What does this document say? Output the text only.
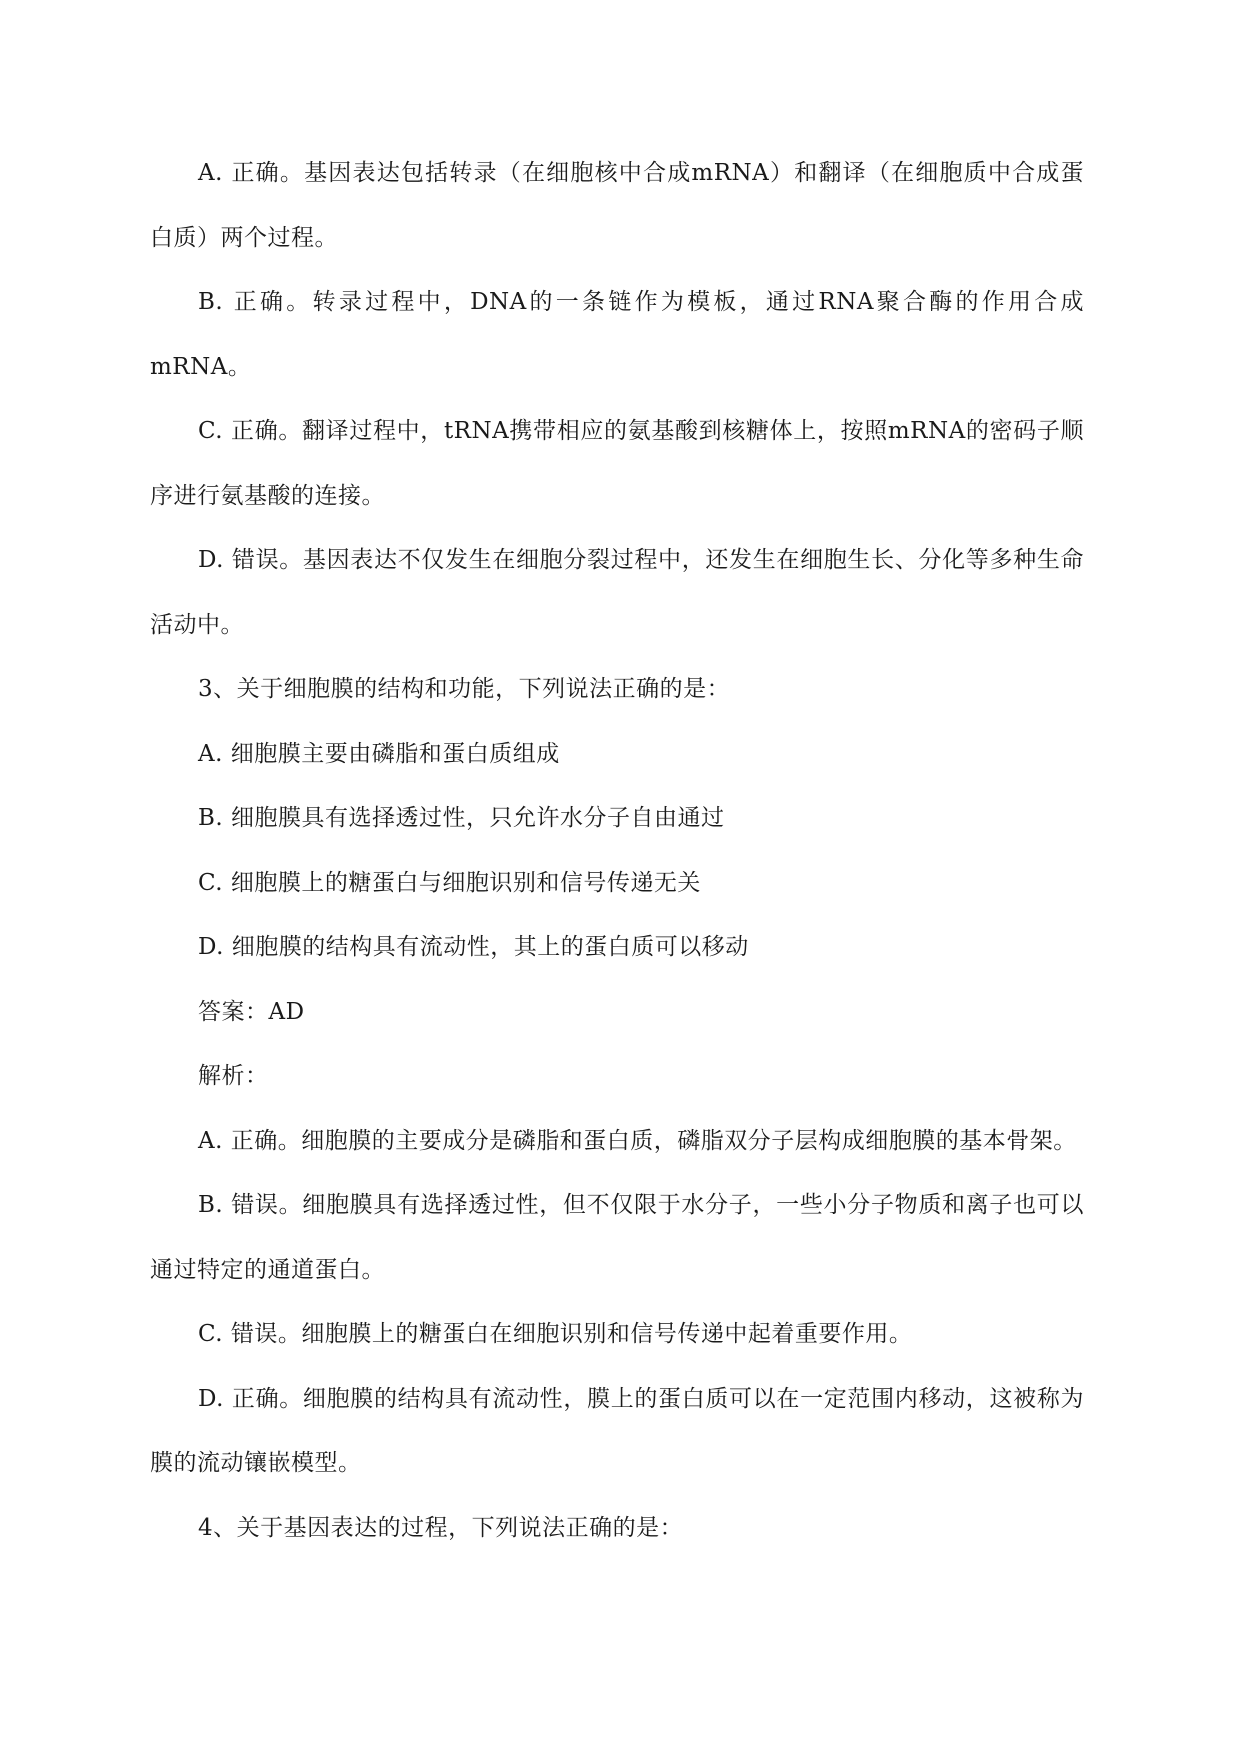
A. 正确。基因表达包括转录（在细胞核中合成mRNA）和翻译（在细胞质中合成蛋白质）两个过程。

B. 正确。转录过程中，DNA的一条链作为模板，通过RNA聚合酶的作用合成mRNA。

C. 正确。翻译过程中，tRNA携带相应的氨基酸到核糖体上，按照mRNA的密码子顺序进行氨基酸的连接。

D. 错误。基因表达不仅发生在细胞分裂过程中，还发生在细胞生长、分化等多种生命活动中。

3、关于细胞膜的结构和功能，下列说法正确的是：

A. 细胞膜主要由磷脂和蛋白质组成

B. 细胞膜具有选择透过性，只允许水分子自由通过

C. 细胞膜上的糖蛋白与细胞识别和信号传递无关

D. 细胞膜的结构具有流动性，其上的蛋白质可以移动

答案：AD

解析：

A. 正确。细胞膜的主要成分是磷脂和蛋白质，磷脂双分子层构成细胞膜的基本骨架。

B. 错误。细胞膜具有选择透过性，但不仅限于水分子，一些小分子物质和离子也可以通过特定的通道蛋白。

C. 错误。细胞膜上的糖蛋白在细胞识别和信号传递中起着重要作用。

D. 正确。细胞膜的结构具有流动性，膜上的蛋白质可以在一定范围内移动，这被称为膜的流动镶嵌模型。

4、关于基因表达的过程，下列说法正确的是：
